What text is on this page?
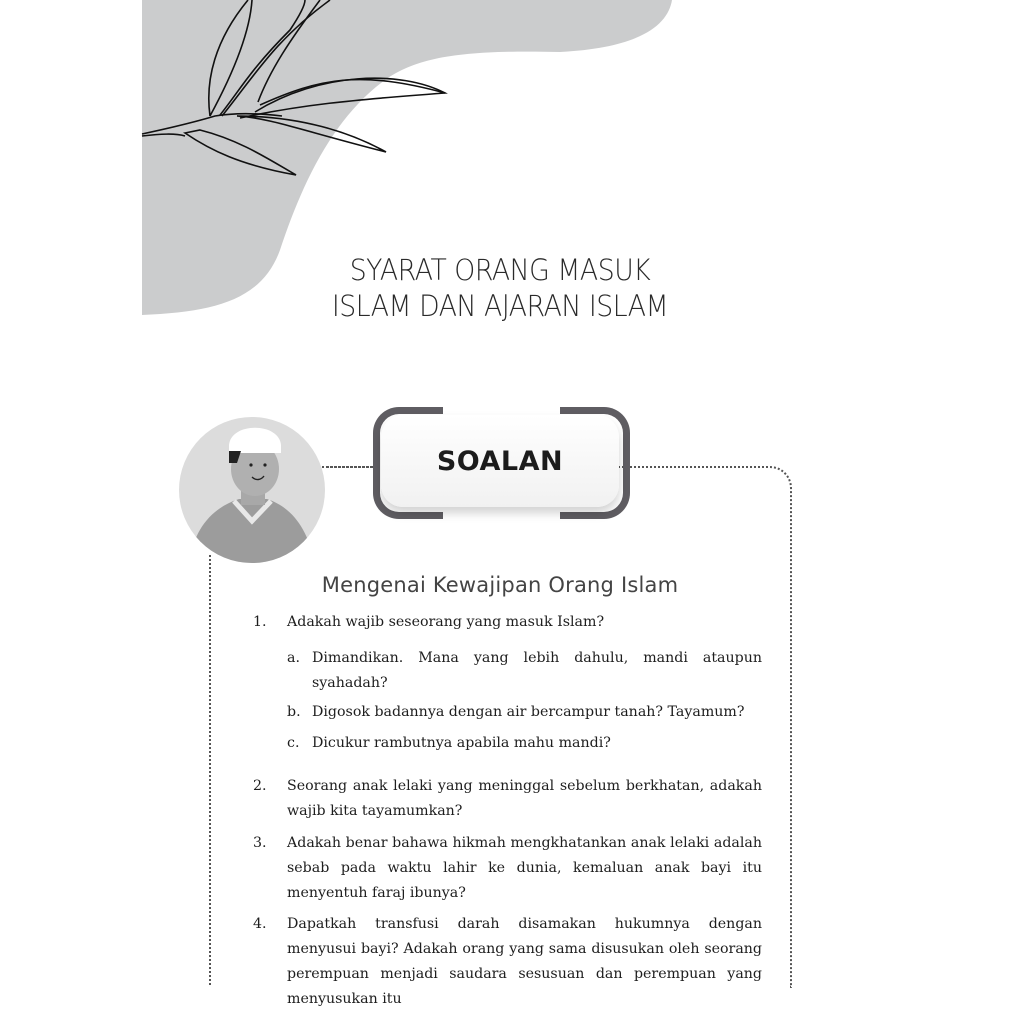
SYARAT ORANG MASUK
ISLAM DAN AJARAN ISLAM
SOALAN
Mengenai Kewajipan Orang Islam
1. Adakah wajib seseorang yang masuk Islam?
a. Dimandikan. Mana yang lebih dahulu, mandi ataupun syahadah?
b. Digosok badannya dengan air bercampur tanah? Tayamum?
c. Dicukur rambutnya apabila mahu mandi?
2. Seorang anak lelaki yang meninggal sebelum berkhatan, adakah wajib kita tayamumkan?
3. Adakah benar bahawa hikmah mengkhatankan anak lelaki adalah sebab pada waktu lahir ke dunia, kemaluan anak bayi itu menyentuh faraj ibunya?
4. Dapatkah transfusi darah disamakan hukumnya dengan menyusui bayi? Adakah orang yang sama disusukan oleh seorang perempuan menjadi saudara sesusuan dan perempuan yang menyusukan itu
